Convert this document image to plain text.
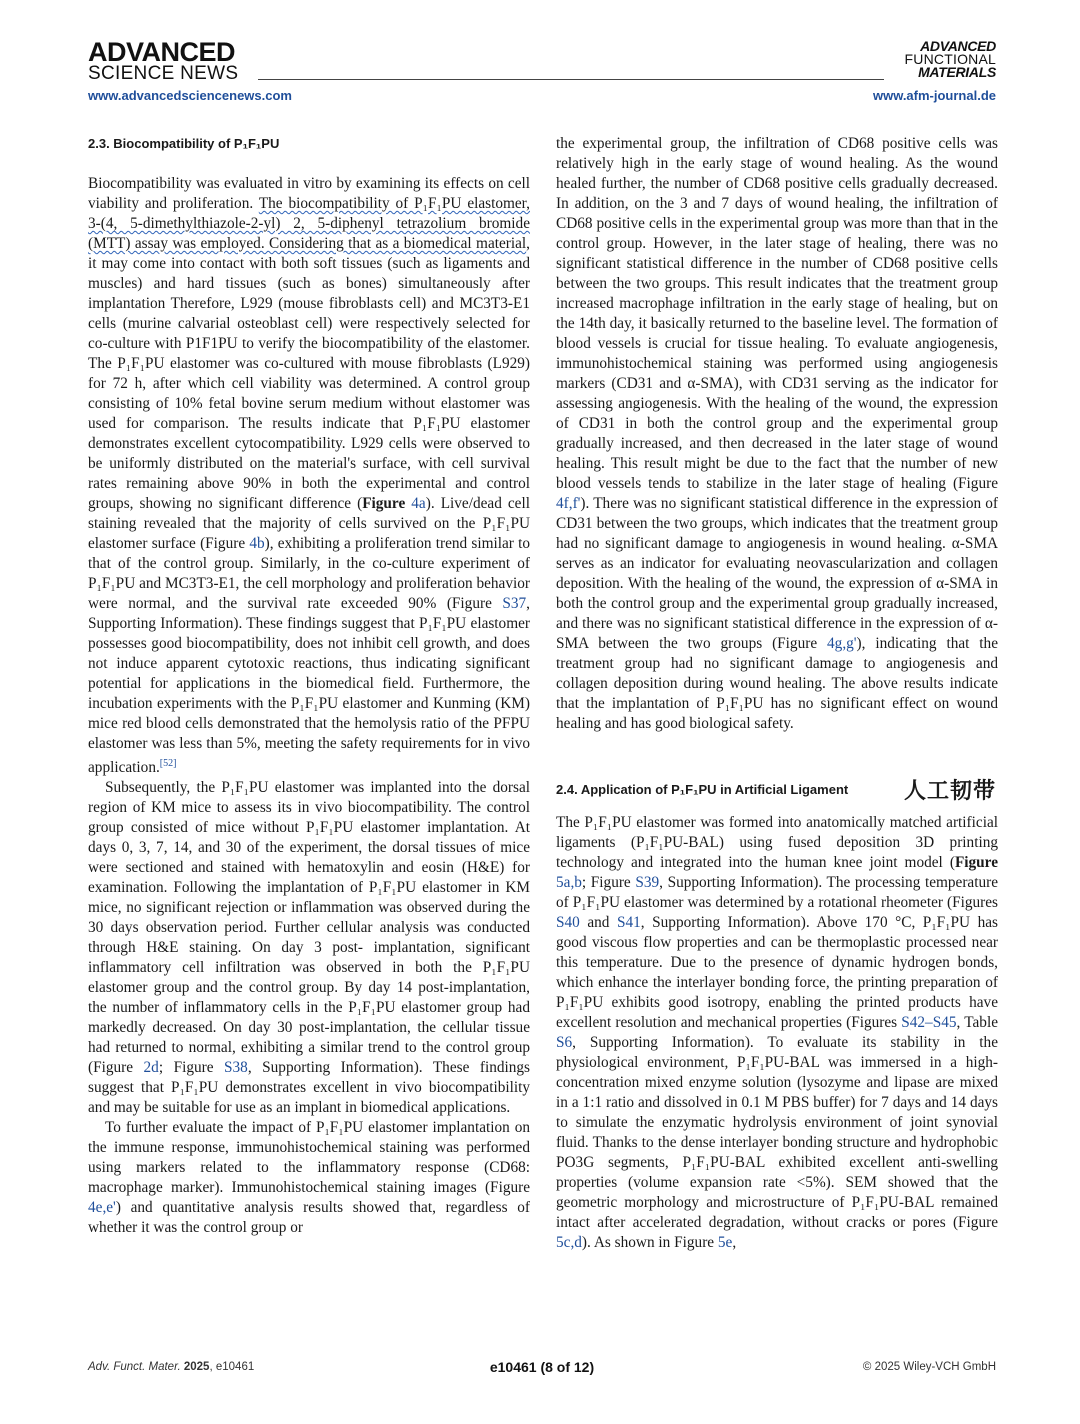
ADVANCED
SCIENCE NEWS
ADVANCED
FUNCTIONAL
MATERIALS
www.advancedsciencenews.com	www.afm-journal.de
2.3. Biocompatibility of P₁F₁PU

Biocompatibility was evaluated in vitro by examining its effects on cell viability and proliferation. The biocompatibility of P₁F₁PU elastomer, 3-(4, 5-dimethylthiazole-2-yl) 2, 5-diphenyl tetrazolium bromide (MTT) assay was employed. Considering that as a biomedical material, it may come into contact with both soft tissues (such as ligaments and muscles) and hard tissues (such as bones) simultaneously after implantation Therefore, L929 (mouse fibroblasts cell) and MC3T3-E1 cells (murine calvarial osteoblast cell) were respectively selected for co-culture with P1F1PU to verify the biocompatibility of the elastomer. The P₁F₁PU elastomer was co-cultured with mouse fibroblasts (L929) for 72 h, after which cell viability was determined. A control group consisting of 10% fetal bovine serum medium without elastomer was used for comparison. The results indicate that P₁F₁PU elastomer demonstrates excellent cytocompatibility. L929 cells were observed to be uniformly distributed on the material's surface, with cell survival rates remaining above 90% in both the experimental and control groups, showing no significant difference (Figure 4a). Live/dead cell staining revealed that the majority of cells survived on the P₁F₁PU elastomer surface (Figure 4b), exhibiting a proliferation trend similar to that of the control group. Similarly, in the co-culture experiment of P₁F₁PU and MC3T3-E1, the cell morphology and proliferation behavior were normal, and the survival rate exceeded 90% (Figure S37, Supporting Information). These findings suggest that P₁F₁PU elastomer possesses good biocompatibility, does not inhibit cell growth, and does not induce apparent cytotoxic reactions, thus indicating significant potential for applications in the biomedical field. Furthermore, the incubation experiments with the P₁F₁PU elastomer and Kunming (KM) mice red blood cells demonstrated that the hemolysis ratio of the PFPU elastomer was less than 5%, meeting the safety requirements for in vivo application.[52]

Subsequently, the P₁F₁PU elastomer was implanted into the dorsal region of KM mice to assess its in vivo biocompatibility. The control group consisted of mice without P₁F₁PU elastomer implantation. At days 0, 3, 7, 14, and 30 of the experiment, the dorsal tissues of mice were sectioned and stained with hematoxylin and eosin (H&E) for examination. Following the implantation of P₁F₁PU elastomer in KM mice, no significant rejection or inflammation was observed during the 30 days observation period. Further cellular analysis was conducted through H&E staining. On day 3 post- implantation, significant inflammatory cell infiltration was observed in both the P₁F₁PU elastomer group and the control group. By day 14 post-implantation, the number of inflammatory cells in the P₁F₁PU elastomer group had markedly decreased. On day 30 post-implantation, the cellular tissue had returned to normal, exhibiting a similar trend to the control group (Figure 2d; Figure S38, Supporting Information). These findings suggest that P₁F₁PU demonstrates excellent in vivo biocompatibility and may be suitable for use as an implant in biomedical applications.

To further evaluate the impact of P₁F₁PU elastomer implantation on the immune response, immunohistochemical staining was performed using markers related to the inflammatory response (CD68: macrophage marker). Immunohistochemical staining images (Figure 4e,e') and quantitative analysis results showed that, regardless of whether it was the control group or

the experimental group, the infiltration of CD68 positive cells was relatively high in the early stage of wound healing. As the wound healed further, the number of CD68 positive cells gradually decreased. In addition, on the 3 and 7 days of wound healing, the infiltration of CD68 positive cells in the experimental group was more than that in the control group. However, in the later stage of healing, there was no significant statistical difference in the number of CD68 positive cells between the two groups. This result indicates that the treatment group increased macrophage infiltration in the early stage of healing, but on the 14th day, it basically returned to the baseline level. The formation of blood vessels is crucial for tissue healing. To evaluate angiogenesis, immunohistochemical staining was performed using angiogenesis markers (CD31 and α-SMA), with CD31 serving as the indicator for assessing angiogenesis. With the healing of the wound, the expression of CD31 in both the control group and the experimental group gradually increased, and then decreased in the later stage of wound healing. This result might be due to the fact that the number of new blood vessels tends to stabilize in the later stage of healing (Figure 4f,f'). There was no significant statistical difference in the expression of CD31 between the two groups, which indicates that the treatment group had no significant damage to angiogenesis in wound healing. α-SMA serves as an indicator for evaluating neovascularization and collagen deposition. With the healing of the wound, the expression of α-SMA in both the control group and the experimental group gradually increased, and there was no significant statistical difference in the expression of α-SMA between the two groups (Figure 4g,g'), indicating that the treatment group had no significant damage to angiogenesis and collagen deposition during wound healing. The above results indicate that the implantation of P₁F₁PU has no significant effect on wound healing and has good biological safety.

2.4. Application of P₁F₁PU in Artificial Ligament	人工韧带

The P₁F₁PU elastomer was formed into anatomically matched artificial ligaments (P₁F₁PU-BAL) using fused deposition 3D printing technology and integrated into the human knee joint model (Figure 5a,b; Figure S39, Supporting Information). The processing temperature of P₁F₁PU elastomer was determined by a rotational rheometer (Figures S40 and S41, Supporting Information). Above 170 °C, P₁F₁PU has good viscous flow properties and can be thermoplastic processed near this temperature. Due to the presence of dynamic hydrogen bonds, which enhance the interlayer bonding force, the printing preparation of P₁F₁PU exhibits good isotropy, enabling the printed products have excellent resolution and mechanical properties (Figures S42–S45, Table S6, Supporting Information). To evaluate its stability in the physiological environment, P₁F₁PU-BAL was immersed in a high-concentration mixed enzyme solution (lysozyme and lipase are mixed in a 1:1 ratio and dissolved in 0.1 M PBS buffer) for 7 days and 14 days to simulate the enzymatic hydrolysis environment of joint synovial fluid. Thanks to the dense interlayer bonding structure and hydrophobic PO3G segments, P₁F₁PU-BAL exhibited excellent anti-swelling properties (volume expansion rate <5%). SEM showed that the geometric morphology and microstructure of P₁F₁PU-BAL remained intact after accelerated degradation, without cracks or pores (Figure 5c,d). As shown in Figure 5e,

Adv. Funct. Mater. 2025, e10461	e10461 (8 of 12)	© 2025 Wiley-VCH GmbH
